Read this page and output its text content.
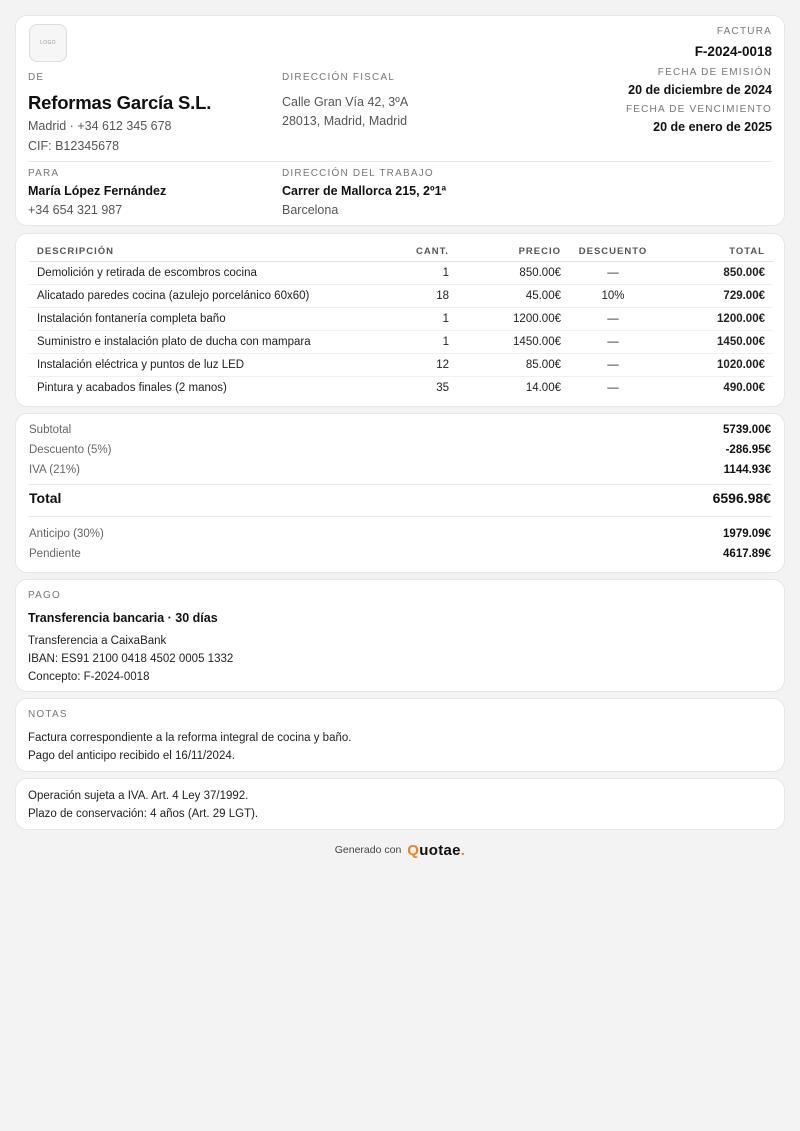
LOGO
DE
Reformas García S.L.
Madrid · +34 612 345 678
CIF: B12345678
DIRECCIÓN FISCAL
Calle Gran Vía 42, 3ºA
28013, Madrid, Madrid
FACTURA
F-2024-0018
FECHA DE EMISIÓN
20 de diciembre de 2024
FECHA DE VENCIMIENTO
20 de enero de 2025
PARA
María López Fernández
+34 654 321 987
DIRECCIÓN DEL TRABAJO
Carrer de Mallorca 215, 2º1ª
Barcelona
DESCRIPCIÓN	CANT.	PRECIO	DESCUENTO	TOTAL
Demolición y retirada de escombros cocina	1	850.00€	—	850.00€
Alicatado paredes cocina (azulejo porcelánico 60x60)	18	45.00€	10%	729.00€
Instalación fontanería completa baño	1	1200.00€	—	1200.00€
Suministro e instalación plato de ducha con mampara	1	1450.00€	—	1450.00€
Instalación eléctrica y puntos de luz LED	12	85.00€	—	1020.00€
Pintura y acabados finales (2 manos)	35	14.00€	—	490.00€
Subtotal	5739.00€
Descuento (5%)	-286.95€
IVA (21%)	1144.93€
Total	6596.98€
Anticipo (30%)	1979.09€
Pendiente	4617.89€
PAGO
Transferencia bancaria · 30 días
Transferencia a CaixaBank
IBAN: ES91 2100 0418 4502 0005 1332
Concepto: F-2024-0018
NOTAS
Factura correspondiente a la reforma integral de cocina y baño.
Pago del anticipo recibido el 16/11/2024.
Operación sujeta a IVA. Art. 4 Ley 37/1992.
Plazo de conservación: 4 años (Art. 29 LGT).
Generado con Quotae.
